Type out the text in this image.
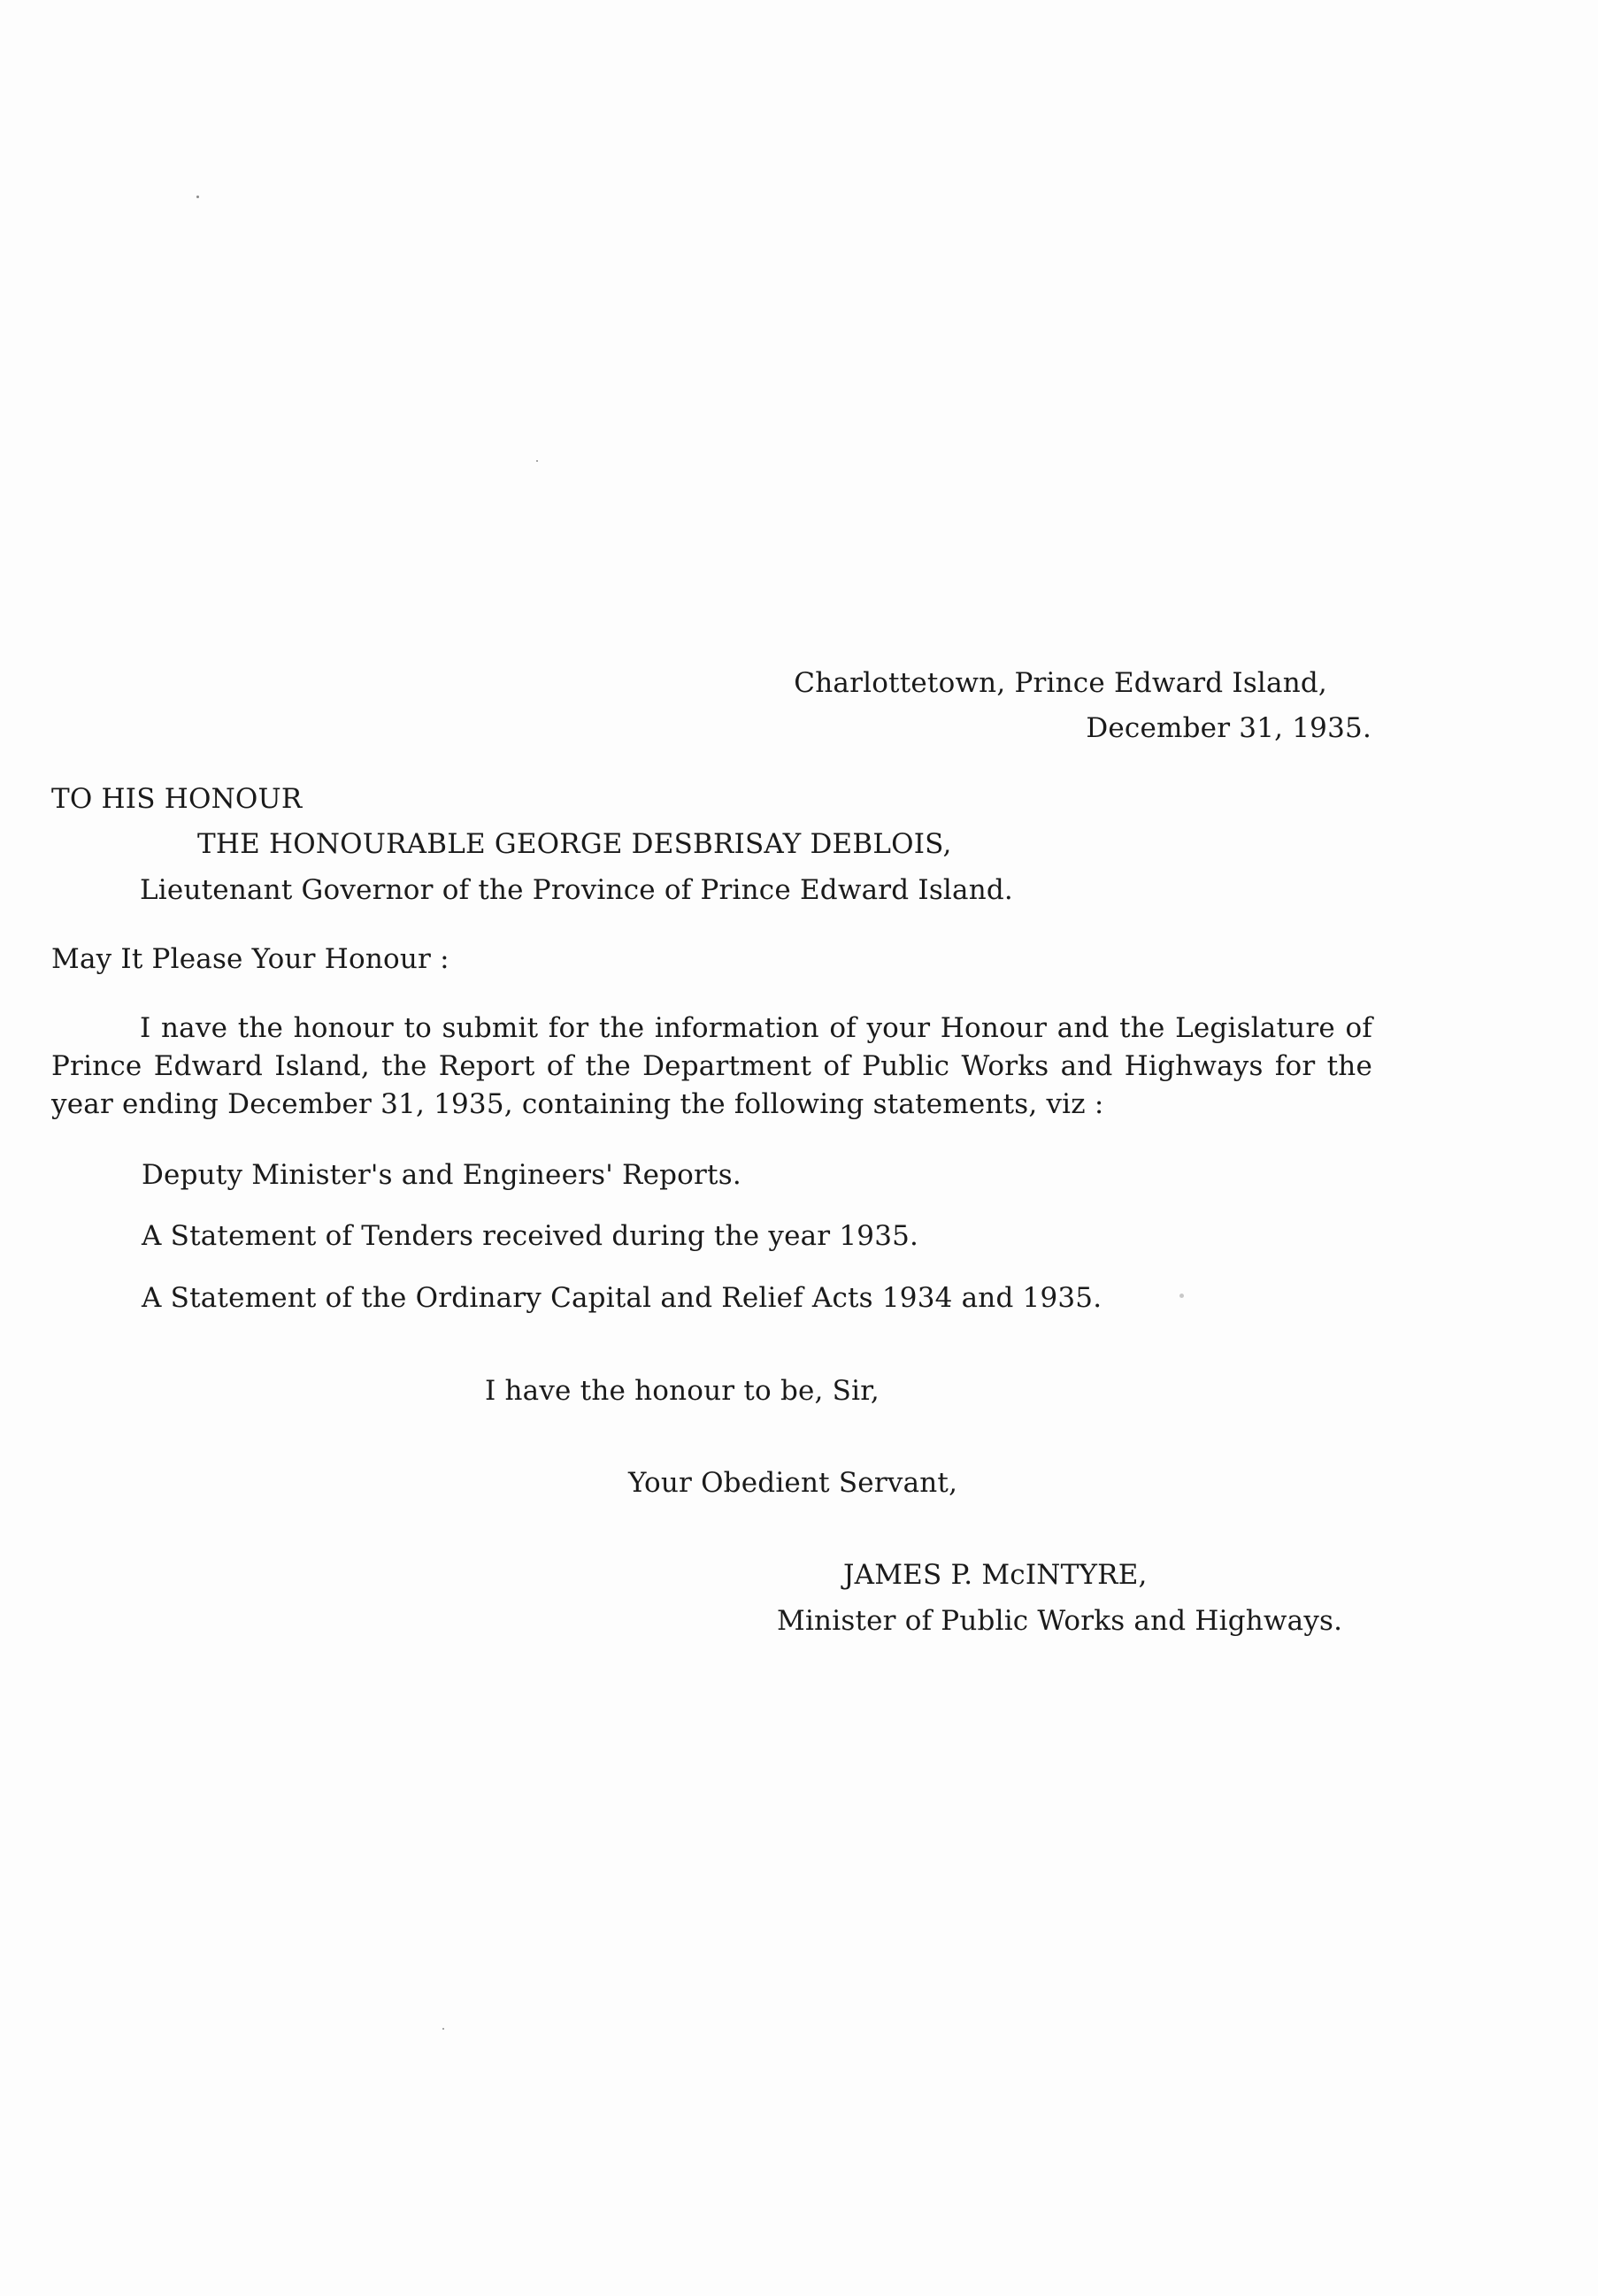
Charlottetown, Prince Edward Island,
December 31, 1935.
TO HIS HONOUR
THE HONOURABLE GEORGE DESBRISAY DEBLOIS,
Lieutenant Governor of the Province of Prince Edward Island.
May It Please Your Honour :
I nave the honour to submit for the information of your Honour and the Legislature of Prince Edward Island, the Report of the Department of Public Works and Highways for the year ending December 31, 1935, containing the following statements, viz :
Deputy Minister's and Engineers' Reports.
A Statement of Tenders received during the year 1935.
A Statement of the Ordinary Capital and Relief Acts 1934 and 1935.
I have the honour to be, Sir,
Your Obedient Servant,
JAMES P. McINTYRE,
Minister of Public Works and Highways.
